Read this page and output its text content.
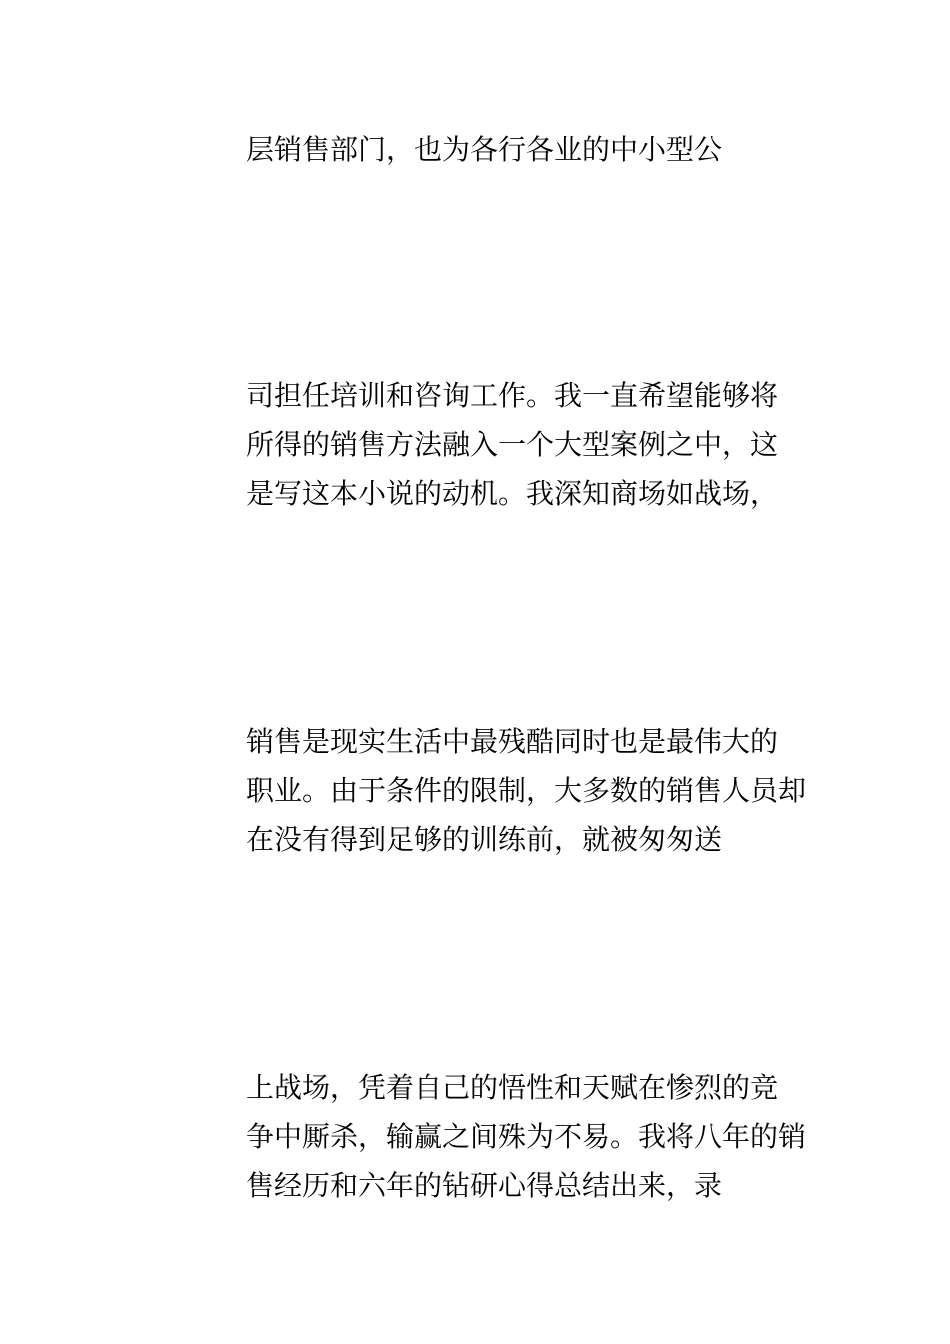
层销售部门，也为各行各业的中小型公
司担任培训和咨询工作。我一直希望能够将
所得的销售方法融入一个大型案例之中，这
是写这本小说的动机。我深知商场如战场，
销售是现实生活中最残酷同时也是最伟大的
职业。由于条件的限制，大多数的销售人员却
在没有得到足够的训练前，就被匆匆送
上战场，凭着自己的悟性和天赋在惨烈的竞
争中厮杀，输赢之间殊为不易。我将八年的销
售经历和六年的钻研心得总结出来，录
